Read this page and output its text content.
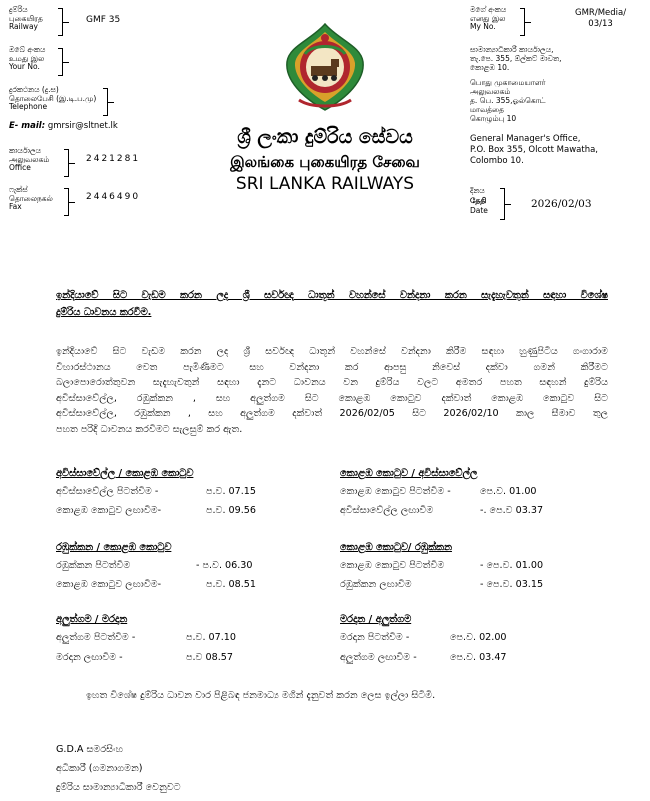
දුම්රිය
புகையிரத
Railway
GMF 35
ඔබේ අංකය
உமது இல
Your No.
දුරකථනය (දු.ස)
தொலைபேசி (இ.டி.ப.மு)
Telephone
E- mail: gmrsir@sltnet.lk
කාර්යාලය
அலுவலகம்
Office
2421281
ෆැක්ස්
தொலைநகல்
Fax
2446490
මගේ අංකය
எனது இல
My No.
GMR/Media/
03/13
සාමාන්‍යාධිකාරී කාර්යාලය,
තැ.පෙ. 355, ඕල්කට් මාවත,
කොළඹ 10.
பொது முகாமையாளர்
அலுவலகம்
த. பெ. 355,ஓல்கொட்
மாவத்தை
கொழும்பு 10
General Manager's Office,
P.O. Box 355, Olcott Mawatha,
Colombo 10.
දිනය
தேதி
Date
2026/02/03
ශ්‍රී ලංකා දුම්රිය සේවය
இலங்கை புகையிரத சேவை
SRI LANKA RAILWAYS
ඉන්දියාවේ සිට වැඩම කරන ලද ශ්‍රී සර්වඥ ධාතූන් වහන්සේ වන්දනා කරන සැදැහැවතුන් සඳහා විශේෂ
දුම්රිය ධාවනය කරවීම.
ඉන්දියාවේ සිට වැඩම කරන ලද ශ්‍රී සර්වඥ ධාතූන් වහන්සේ වන්දනා කිරීම සඳහා හුණුපිටිය ගංගාරාම
විහාරස්ථානය වෙත පැමිණීමට සහ වන්දනා කර ආපසු නිවෙස් දක්වා ගමන් කිරීමට
බලාපොරොත්තුවන සැදැහැවතුන් සඳහා දැනට ධාවනය වන දුම්රිය වලට අමතර පහත සඳහන් දුම්රිය
අවිස්සාවේල්ල, රඹුක්කන , සහ අලුත්ගම සිට කොළඹ කොටුව දක්වාත් කොළඹ කොටුව සිට
අවිස්සාවේල්ල, රඹුක්කන , සහ අලුත්ගම දක්වාත් 2026/02/05 සිට 2026/02/10 කාල සීමාව තුල
පහත පරිදි ධාවනය කරවීමට සැලසුම් කර ඇත.
අවිස්සාවේල්ල / කොළඹ කොටුව
අවිස්සාවේල්ල පිටත්වීම -	ප.ව. 07.15
කොළඹ කොටුව ලඟාවීම-	ප.ව. 09.56
කොළඹ කොටුව / අවිස්සාවේල්ල
කොළඹ කොටුව පිටත්වීම -	පෙ.ව. 01.00
අවිස්සාවේල්ල ලඟාවීම	-. පෙ.ව 03.37
රඹුක්කන / කොළඹ කොටුව
රඹුක්කන පිටත්වීම	- ප.ව. 06.30
කොළඹ කොටුව ලඟාවීම-	ප.ව. 08.51
කොළඹ කොටුව/ රඹුක්කන
කොළඹ කොටුව පිටත්වීම	- පෙ.ව. 01.00
රඹුක්කන ලඟාවීම	- පෙ.ව. 03.15
අලුත්ගම / මරදාන
අලුත්ගම පිටත්වීම -	ප.ව. 07.10
මරදාන ලඟාවීම -	ප.ව 08.57
මරදාන / අලුත්ගම
මරදාන පිටත්වීම -	පෙ.ව. 02.00
අලුත්ගම ලඟාවීම -	පෙ.ව. 03.47
ඉහත විශේෂ දුම්රිය ධාවන වාර පිළිබඳ ජනමාධ්‍ය මගින් දැනුවත් කරන ලෙස ඉල්ලා සිටිමි.
G.D.A සමරසිංහ
අධිකාරී (ගමනාගමන)
දුම්රිය සාමාන්‍යාධිකාරී වෙනුවට
